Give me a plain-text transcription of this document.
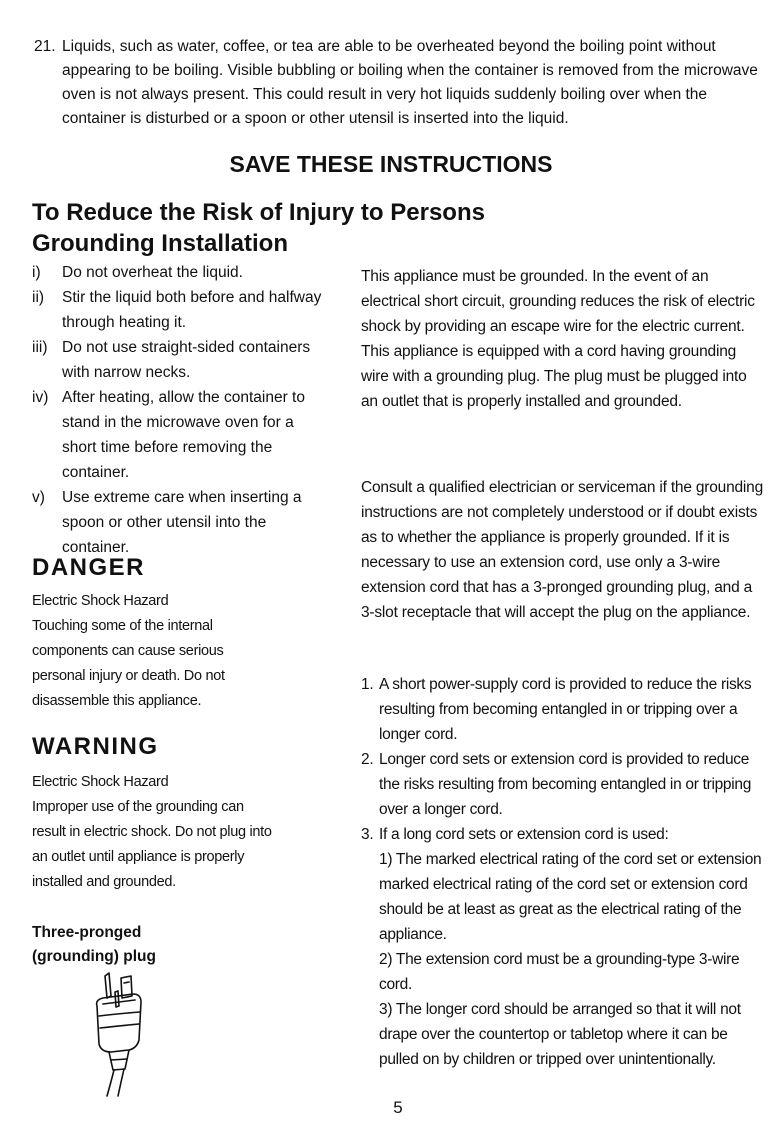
21. Liquids, such as water, coffee, or tea are able to be overheated beyond the boiling point without appearing to be boiling. Visible bubbling or boiling when the container is removed from the microwave oven is not always present. This could result in very hot liquids suddenly boiling over when the container is disturbed or a spoon or other utensil is inserted into the liquid.
SAVE THESE INSTRUCTIONS
To Reduce the Risk of Injury to Persons
Grounding Installation
i) Do not overheat the liquid.
ii) Stir the liquid both before and halfway through heating it.
iii) Do not use straight-sided containers with narrow necks.
iv) After heating, allow the container to stand in the microwave oven for a short time before removing the container.
v) Use extreme care when inserting a spoon or other utensil into the container.
DANGER
Electric Shock Hazard
Touching some of the internal components can cause serious personal injury or death. Do not disassemble this appliance.
WARNING
Electric Shock Hazard
Improper use of the grounding can result in electric shock. Do not plug into an outlet until appliance is properly installed and grounded.
Three-pronged
(grounding) plug
This appliance must be grounded. In the event of an electrical short circuit, grounding reduces the risk of electric shock by providing an escape wire for the electric current. This appliance is equipped with a cord having grounding wire with a grounding plug. The plug must be plugged into an outlet that is properly installed and grounded.
Consult a qualified electrician or serviceman if the grounding instructions are not completely understood or if doubt exists as to whether the appliance is properly grounded. If it is necessary to use an extension cord, use only a 3-wire extension cord that has a 3-pronged grounding plug, and a 3-slot receptacle that will accept the plug on the appliance.
1. A short power-supply cord is provided to reduce the risks resulting from becoming entangled in or tripping over a longer cord.
2. Longer cord sets or extension cord is provided to reduce the risks resulting from becoming entangled in or tripping over a longer cord.
3. If a long cord sets or extension cord is used:
1) The marked electrical rating of the cord set or extension marked electrical rating of the cord set or extension cord should be at least as great as the electrical rating of the appliance.
2) The extension cord must be a grounding-type 3-wire cord.
3) The longer cord should be arranged so that it will not drape over the countertop or tabletop where it can be pulled on by children or tripped over unintentionally.
5
